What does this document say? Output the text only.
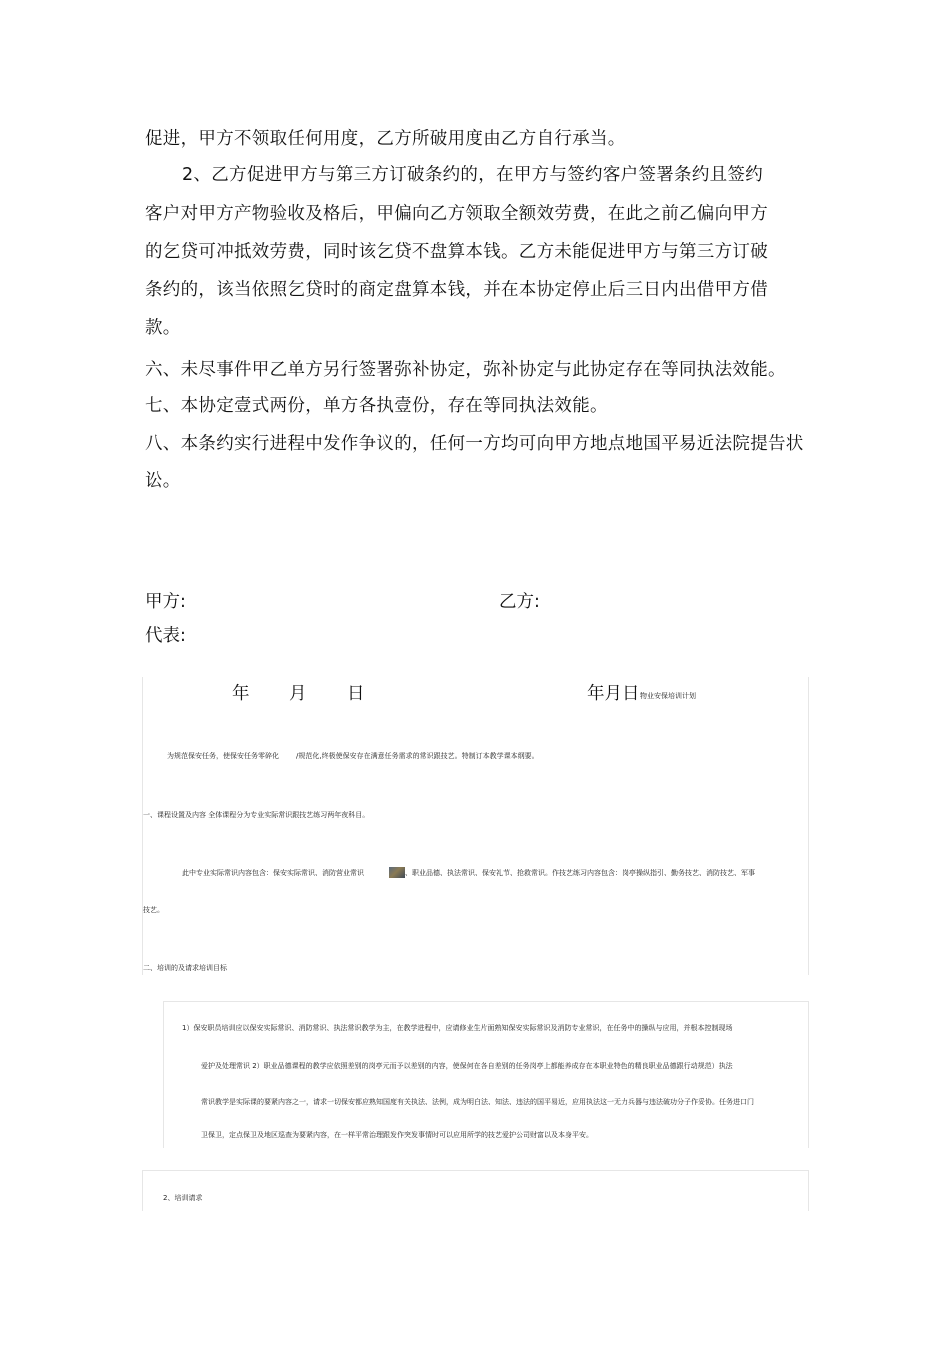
促进，甲方不领取任何用度，乙方所破用度由乙方自行承当。
2、乙方促进甲方与第三方订破条约的，在甲方与签约客户签署条约且签约
客户对甲方产物验收及格后，甲偏向乙方领取全额效劳费，在此之前乙偏向甲方
的乞贷可冲抵效劳费，同时该乞贷不盘算本钱。乙方未能促进甲方与第三方订破
条约的，该当依照乞贷时的商定盘算本钱，并在本协定停止后三日内出借甲方借
款。
六、未尽事件甲乙单方另行签署弥补协定，弥补协定与此协定存在等同执法效能。
七、本协定壹式两份，单方各执壹份，存在等同执法效能。
八、本条约实行进程中发作争议的，任何一方均可向甲方地点地国平易近法院提告状
讼。
甲方:	乙方:
代表:
年 月 日	年月日 物业安保培训计划
为规范保安任务，使保安任务零碎化 /规范化,终极使保安存在满意任务需求的常识跟技艺。特制订本教学课本纲要。
一、课程设置及内容 全体课程分为专业实际常识跟技艺练习两年夜科目。
此中专业实际常识内容包含：保安实际常识、消防营业常识	、职业品德、执法常识、保安礼节、抢救常识。作技艺练习内容包含：岗亭操纵指引、勤务技艺、消防技艺、军事
技艺。
二、培训的及请求培训目标
1）保安职员培训应以保安实际常识、消防常识、执法常识教学为主，在教学进程中，应请修业生片面熟知保安实际常识及消防专业常识，在任务中的操纵与应用，并根本控制现场
爱护及处理常识 2）职业品德课程的教学应依照差别的岗亭元而予以差别的内容，使保何在各自差别的任务岗亭上都能养成存在本职业特色的精良职业品德跟行动规范）执法
常识教学是实际课的要紧内容之一，请求一切保安都应熟知国度有关执法、法例，成为明白法、知法、违法的国平易近，应用执法这一无力兵器与违法破功分子作妥协。任务进口门
卫保卫，定点保卫及地区巡查为要紧内容，在一样平常治理跟发作突发事情时可以应用所学的技艺爱护公司财富以及本身平安。
2、培训请求
